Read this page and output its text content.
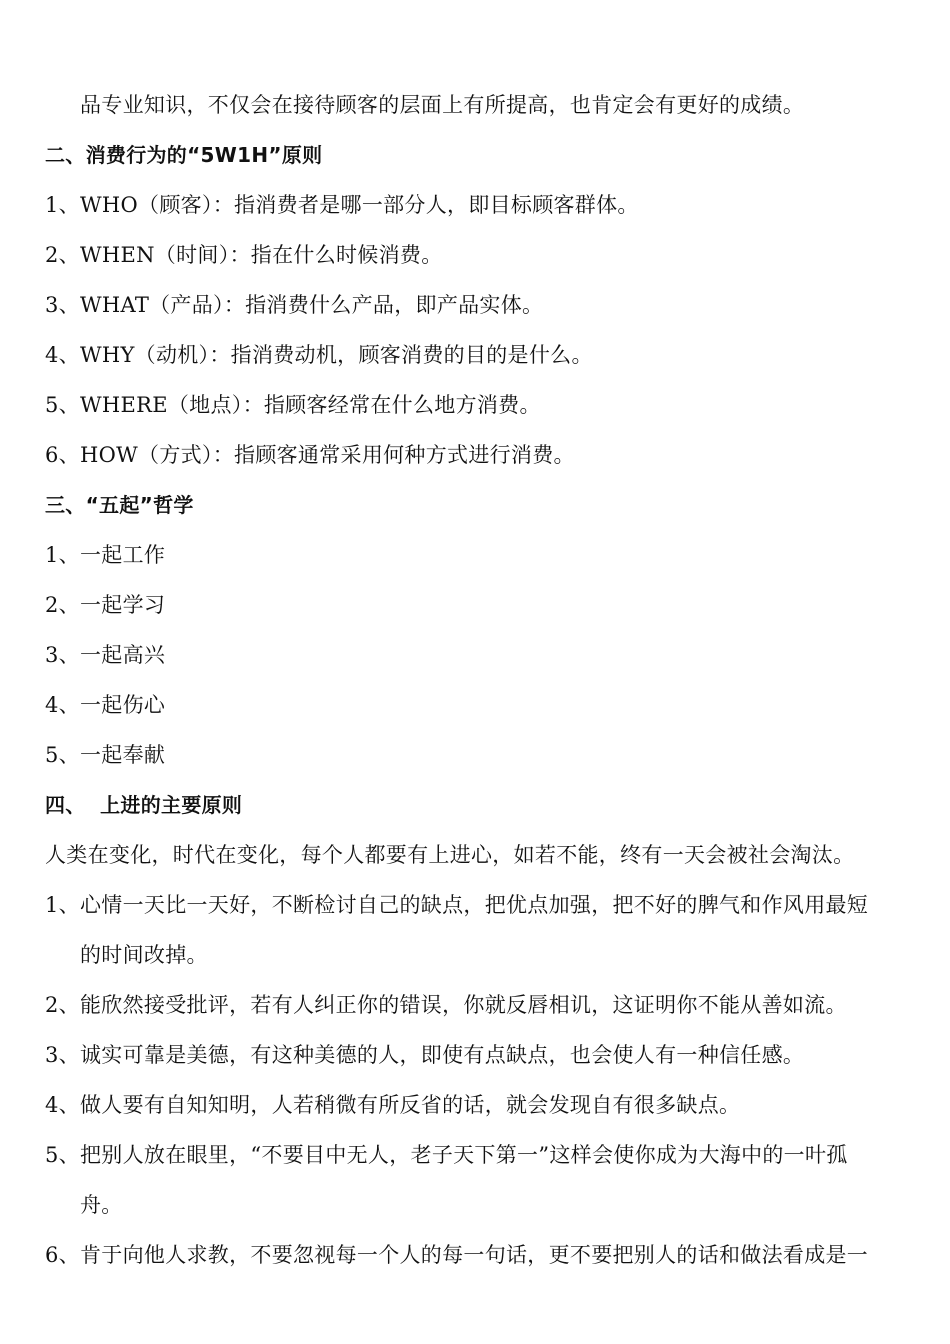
品专业知识，不仅会在接待顾客的层面上有所提高，也肯定会有更好的成绩。
二、消费行为的“5W1H”原则
1、WHO（顾客）：指消费者是哪一部分人，即目标顾客群体。
2、WHEN（时间）：指在什么时候消费。
3、WHAT（产品）：指消费什么产品，即产品实体。
4、WHY（动机）：指消费动机，顾客消费的目的是什么。
5、WHERE（地点）：指顾客经常在什么地方消费。
6、HOW（方式）：指顾客通常采用何种方式进行消费。
三、“五起”哲学
1、一起工作
2、一起学习
3、一起高兴
4、一起伤心
5、一起奉献
四、  上进的主要原则
人类在变化，时代在变化，每个人都要有上进心，如若不能，终有一天会被社会淘汰。
1、心情一天比一天好，不断检讨自己的缺点，把优点加强，把不好的脾气和作风用最短
的时间改掉。
2、能欣然接受批评，若有人纠正你的错误，你就反唇相讥，这证明你不能从善如流。
3、诚实可靠是美德，有这种美德的人，即使有点缺点，也会使人有一种信任感。
4、做人要有自知知明，人若稍微有所反省的话，就会发现自有很多缺点。
5、把别人放在眼里，“不要目中无人，老子天下第一”这样会使你成为大海中的一叶孤
舟。
6、肯于向他人求教，不要忽视每一个人的每一句话，更不要把别人的话和做法看成是一
